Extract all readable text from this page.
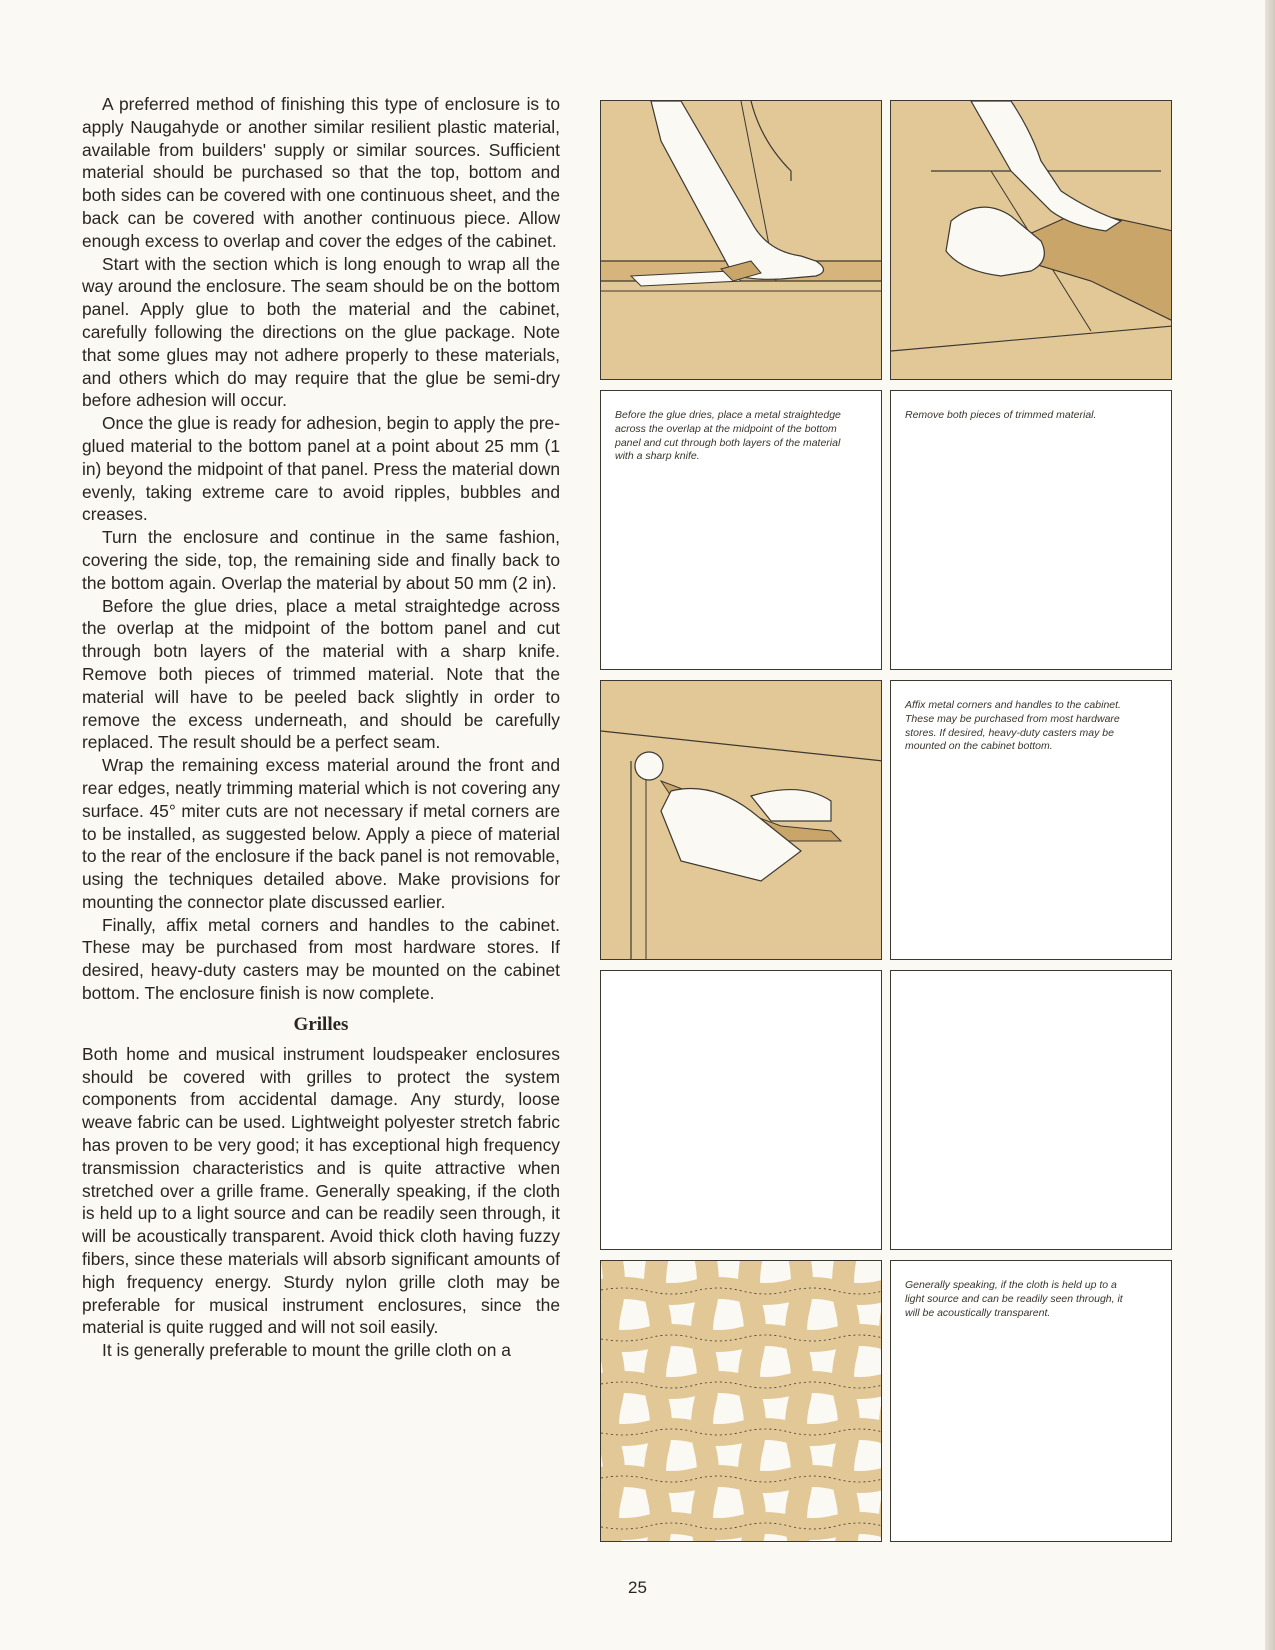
A preferred method of finishing this type of enclosure is to apply Naugahyde or another similar resilient plastic material, available from builders' supply or similar sources. Sufficient material should be purchased so that the top, bottom and both sides can be covered with one continuous sheet, and the back can be covered with another continuous piece. Allow enough excess to overlap and cover the edges of the cabinet.

Start with the section which is long enough to wrap all the way around the enclosure. The seam should be on the bottom panel. Apply glue to both the material and the cabinet, carefully following the directions on the glue package. Note that some glues may not adhere properly to these materials, and others which do may require that the glue be semi-dry before adhesion will occur.

Once the glue is ready for adhesion, begin to apply the pre-glued material to the bottom panel at a point about 25 mm (1 in) beyond the midpoint of that panel. Press the material down evenly, taking extreme care to avoid ripples, bubbles and creases.

Turn the enclosure and continue in the same fashion, covering the side, top, the remaining side and finally back to the bottom again. Overlap the material by about 50 mm (2 in).

Before the glue dries, place a metal straightedge across the overlap at the midpoint of the bottom panel and cut through botn layers of the material with a sharp knife. Remove both pieces of trimmed material. Note that the material will have to be peeled back slightly in order to remove the excess underneath, and should be carefully replaced. The result should be a perfect seam.

Wrap the remaining excess material around the front and rear edges, neatly trimming material which is not covering any surface. 45° miter cuts are not necessary if metal corners are to be installed, as suggested below. Apply a piece of material to the rear of the enclosure if the back panel is not removable, using the techniques detailed above. Make provisions for mounting the connector plate discussed earlier.

Finally, affix metal corners and handles to the cabinet. These may be purchased from most hardware stores. If desired, heavy-duty casters may be mounted on the cabinet bottom. The enclosure finish is now complete.

Grilles

Both home and musical instrument loudspeaker enclosures should be covered with grilles to protect the system components from accidental damage. Any sturdy, loose weave fabric can be used. Lightweight polyester stretch fabric has proven to be very good; it has exceptional high frequency transmission characteristics and is quite attractive when stretched over a grille frame. Generally speaking, if the cloth is held up to a light source and can be readily seen through, it will be acoustically transparent. Avoid thick cloth having fuzzy fibers, since these materials will absorb significant amounts of high frequency energy. Sturdy nylon grille cloth may be preferable for musical instrument enclosures, since the material is quite rugged and will not soil easily.

It is generally preferable to mount the grille cloth on a

Before the glue dries, place a metal straightedge across the overlap at the midpoint of the bottom panel and cut through both layers of the material with a sharp knife.
Remove both pieces of trimmed material.
Affix metal corners and handles to the cabinet. These may be purchased from most hardware stores. If desired, heavy-duty casters may be mounted on the cabinet bottom.
Generally speaking, if the cloth is held up to a light source and can be readily seen through, it will be acoustically transparent.
25
